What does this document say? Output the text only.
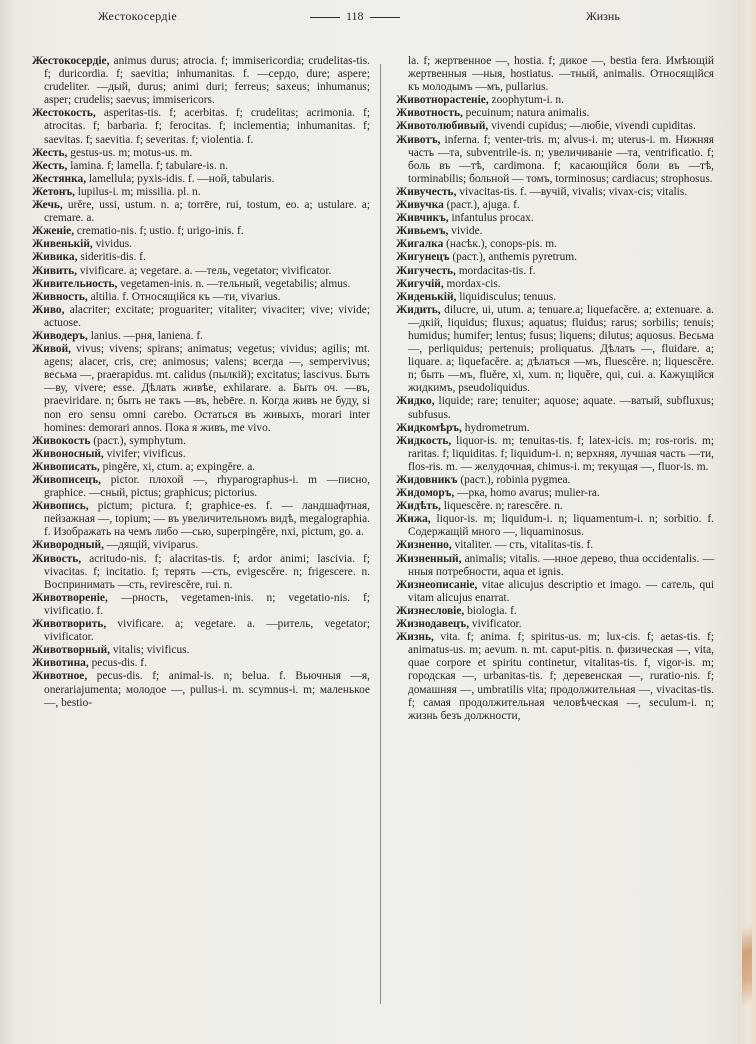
Жестокосердіе	118	Жизнь

Жестокосердіе, animus durus; atrocia. f; immisericordia; crudelitas-tis. f; duricordia. f; saevitia; inhumanitas. f. —сердо, dure; aspere; crudeliter. —дый, durus; animi duri; ferreus; saxeus; inhumanus; asper; crudelis; saevus; immisericors.

Жестокость, asperitas-tis. f; acerbitas. f; crudelitas; acrimonia. f; atrocitas. f; barbaria. f; ferocitas. f; inclementia; inhumanitas. f; saevitas. f; saevitia. f; severitas. f; violentia. f.

Жесть, gestus-us. m; motus-us. m.

Жесть, lamina. f; lamella. f; tabulare-is. n.

Жестянка, lamellula; pyxis-idis. f. —ной, tabularis.

Жетонъ, lupilus-i. m; missilia. pl. n.

Жечь, urĕre, ussi, ustum. n. a; torrēre, rui, tostum, eo. a; ustulare. a; cremare. a.

Жженіе, crematio-nis. f; ustio. f; urigo-inis. f.

Живенькій, vividus.

Живика, sideritis-dis. f.

Живить, vivificare. a; vegetare. a. —тель, vegetator; vivificator.

Живительность, vegetamen-inis. n. —тельный, vegetabilis; almus.

Живность, altilia. f. Относящійся къ —ти, vivarius.

Живо, alacriter; excitate; proguariter; vitaliter; vivaciter; vive; vivide; actuose.

Живодеръ, lanius. —рня, laniena. f.

Живой, vivus; vivens; spirans; animatus; vegetus; vividus; agilis; mt. agens; alacer, cris, cre; animosus; valens; всегда —, sempervivus; весьма —, praerapidus. mt. calidus (пылкій); excitatus; lascivus. Быть —ву, vivere; esse. Дѣлать живѣе, exhilarare. a. Быть оч. —въ, praeviridare. n; быть не такъ —въ, hebēre. n. Когда живъ не буду, si non ero sensu omni carebo. Остаться въ живыхъ, morari inter homines: demorari annos. Пока я живъ, me vivo.

Живокость (раст.), symphytum.

Живоносный, vivifer; vivificus.

Живописать, pingĕre, xi, ctum. a; expingĕre. a.

Живописецъ, pictor. плохой —, rhyparographus-i. m —писно, graphice. —сный, pictus; graphicus; pictorius.

Живопись, pictum; pictura. f; graphice-es. f. — ландшафтная, пейзажная —, topium; — въ увеличительномъ видѣ, megalographia. f. Изображать на чемъ либо —сью, superpingĕre, nxi, pictum, go. a.

Живородный, —дящій, viviparus.

Живость, acritudo-nis. f; alacritas-tis. f; ardor animi; lascivia. f; vivacitas. f; incitatio. f; терять —сть, evigescĕre. n; frigescere. n. Воспринимать —сть, revirescĕre, rui. n.

Животвореніе, —рность, vegetamen-inis. n; vegetatio-nis. f; vivificatio. f.

Животворить, vivificare. a; vegetare. a. —ритель, vegetator; vivificator.

Животворный, vitalis; vivificus.

Животина, pecus-dis. f.

Животное, pecus-dis. f; animal-is. n; belua. f. Вьючныя —я, onerariajumenta; молодое —, pullus-i. m. scymnus-i. m; маленькое —, bestio-

la. f; жертвенное —, hostia. f; дикое —, bestia fera. Имѣющій жертвенныя —ныя, hostiatus. —тный, animalis. Относящійся къ молодымъ —мъ, pullarius.

Животнорастеніе, zoophytum-i. n.

Животность, pecuinum; natura animalis.

Животолюбивый, vivendi cupidus; —любіе, vivendi cupiditas.

Животъ, inferna. f; venter-tris. m; alvus-i. m; uterus-i. m. Нижняя часть —та, subventrile-is. n; увеличиваніе —та, ventrificatio. f; боль въ —тѣ, cardimona. f; касающійся боли въ —тѣ, torminabilis; больной — томъ, torminosus; cardiacus; strophosus.

Живучесть, vivacitas-tis. f. —вучій, vivalis; vivax-cis; vitalis.

Живучка (раст.), ajuga. f.

Живчикъ, infantulus procax.

Живьемъ, vivide.

Жигалка (насѣк.), conops-pis. m.

Жигунецъ (раст.), anthemis pyretrum.

Жигучесть, mordacitas-tis. f.

Жигучій, mordax-cis.

Жиденькій, liquidisculus; tenuus.

Жидить, dilucre, ui, utum. a; tenuare.a; liquefacĕre. a; extenuare. a. —дкій, liquidus; fluxus; aquatus; fluidus; rarus; sorbilis; tenuis; humidus; humifer; lentus; fusus; liquens; dilutus; aquosus. Весьма —, perliquidus; pertenuis; proliquatus. Дѣлать —, fluidare. a; liquare. a; liquefacĕre. a; дѣлаться —мъ, fluescĕre. n; liquescĕre. n; быть —мъ, fluĕre, xi, xum. n; liquĕre, qui, cui. a. Кажущійся жидкимъ, pseudoliquidus.

Жидко, liquide; rare; tenuiter; aquose; aquate. —ватый, subfluxus; subfusus.

Жидкомѣръ, hydrometrum.

Жидкость, liquor-is. m; tenuitas-tis. f; latex-icis. m; ros-roris. m; raritas. f; liquiditas. f; liquidum-i. n; верхняя, лучшая часть —ти, flos-ris. m. — желудочная, chimus-i. m; текущая —, fluor-is. m.

Жидовникъ (раст.), robinia pygmea.

Жидоморъ, —рка, homo avarus; mulier-ra.

Жидѣть, liquescĕre. n; rarescĕre. n.

Жижа, liquor-is. m; liquidum-i. n; liquamentum-i. n; sorbitio. f. Содержащій много —, liquaminosus.

Жизненно, vitaliter. — сть, vitalitas-tis. f.

Жизненный, animalis; vitalis. —нное дерево, thua occidentalis. —нныя потребности, aqua et ignis.

Жизнеописаніе, vitae alicujus descriptio et imago. — сатель, qui vitam alicujus enarrat.

Жизнесловіе, biologia. f.

Жизнодавецъ, vivificator.

Жизнь, vita. f; anima. f; spiritus-us. m; lux-cis. f; aetas-tis. f; animatus-us. m; aevum. n. mt. caput-pitis. n. физическая —, vita, quae corpore et spiritu continetur, vitalitas-tis. f, vigor-is. m; городская —, urbanitas-tis. f; деревенская —, ruratio-nis. f; домашняя —, umbratilis vita; продолжительная —, vivacitas-tis. f; самая продолжительная человѣческая —, seculum-i. n; жизнь безъ должности,
